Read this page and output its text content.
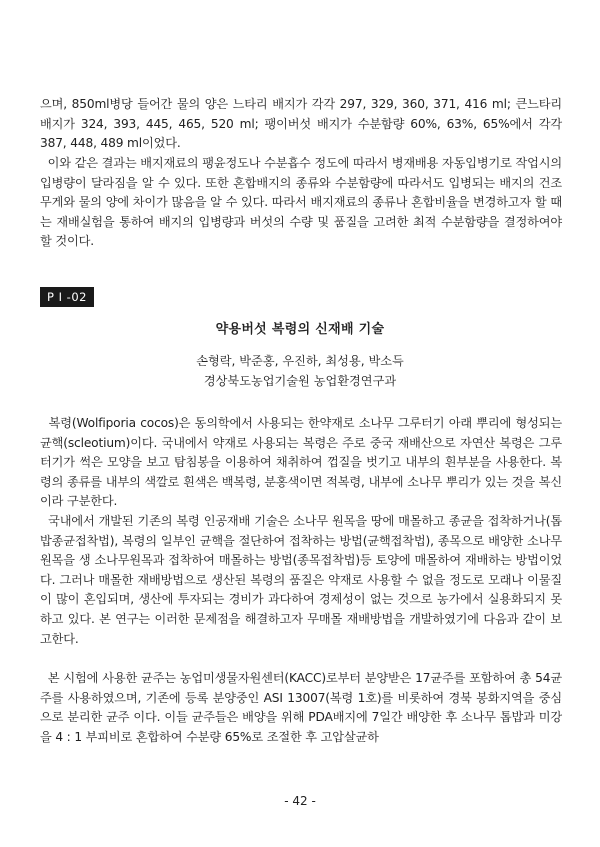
으며, 850ml병당 들어간 물의 양은 느타리 배지가 각각 297, 329, 360, 371, 416 ml; 큰느타리 배지가 324, 393, 445, 465, 520 ml; 팽이버섯 배지가 수분함량 60%, 63%, 65%에서 각각 387, 448, 489 ml이었다.

이와 같은 결과는 배지재료의 팽윤정도나 수분흡수 정도에 따라서 병재배용 자동입병기로 작업시의 입병량이 달라짐을 알 수 있다. 또한 혼합배지의 종류와 수분함량에 따라서도 입병되는 배지의 건조무게와 물의 양에 차이가 많음을 알 수 있다. 따라서 배지재료의 종류나 혼합비율을 변경하고자 할 때는 재배실험을 통하여 배지의 입병량과 버섯의 수량 및 품질을 고려한 최적 수분함량을 결정하여야 할 것이다.

P I -02
약용버섯 복령의 신재배 기술
손형락, 박준홍, 우진하, 최성용, 박소득
경상북도농업기술원 농업환경연구과

복령(Wolfiporia cocos)은 동의학에서 사용되는 한약재로 소나무 그루터기 아래 뿌리에 형성되는 균핵(scleotium)이다. 국내에서 약재로 사용되는 복령은 주로 중국 재배산으로 자연산 복령은 그루터기가 썩은 모양을 보고 탐침봉을 이용하여 채취하여 껍질을 벗기고 내부의 흰부분을 사용한다. 복령의 종류를 내부의 색깔로 흰색은 백복령, 분홍색이면 적복령, 내부에 소나무 뿌리가 있는 것을 복신이라 구분한다.

국내에서 개발된 기존의 복령 인공재배 기술은 소나무 원목을 땅에 매몰하고 종균을 접착하거나(톱밥종균접착법), 복령의 일부인 균핵을 절단하여 접착하는 방법(균핵접착법), 종목으로 배양한 소나무 원목을 생 소나무원목과 접착하여 매몰하는 방법(종목접착법)등 토양에 매몰하여 재배하는 방법이었다. 그러나 매몰한 재배방법으로 생산된 복령의 품질은 약재로 사용할 수 없을 정도로 모래나 이물질이 많이 혼입되며, 생산에 투자되는 경비가 과다하여 경제성이 없는 것으로 농가에서 실용화되지 못하고 있다. 본 연구는 이러한 문제점을 해결하고자 무매몰 재배방법을 개발하였기에 다음과 같이 보고한다.

본 시험에 사용한 균주는 농업미생물자원센터(KACC)로부터 분양받은 17균주를 포함하여 총 54균주를 사용하였으며, 기존에 등록 분양중인 ASI 13007(복령 1호)를 비롯하여 경북 봉화지역을 중심으로 분리한 균주 이다. 이들 균주들은 배양을 위해 PDA배지에 7일간 배양한 후 소나무 톱밥과 미강을 4 : 1 부피비로 혼합하여 수분량 65%로 조절한 후 고압살균하

- 42 -
